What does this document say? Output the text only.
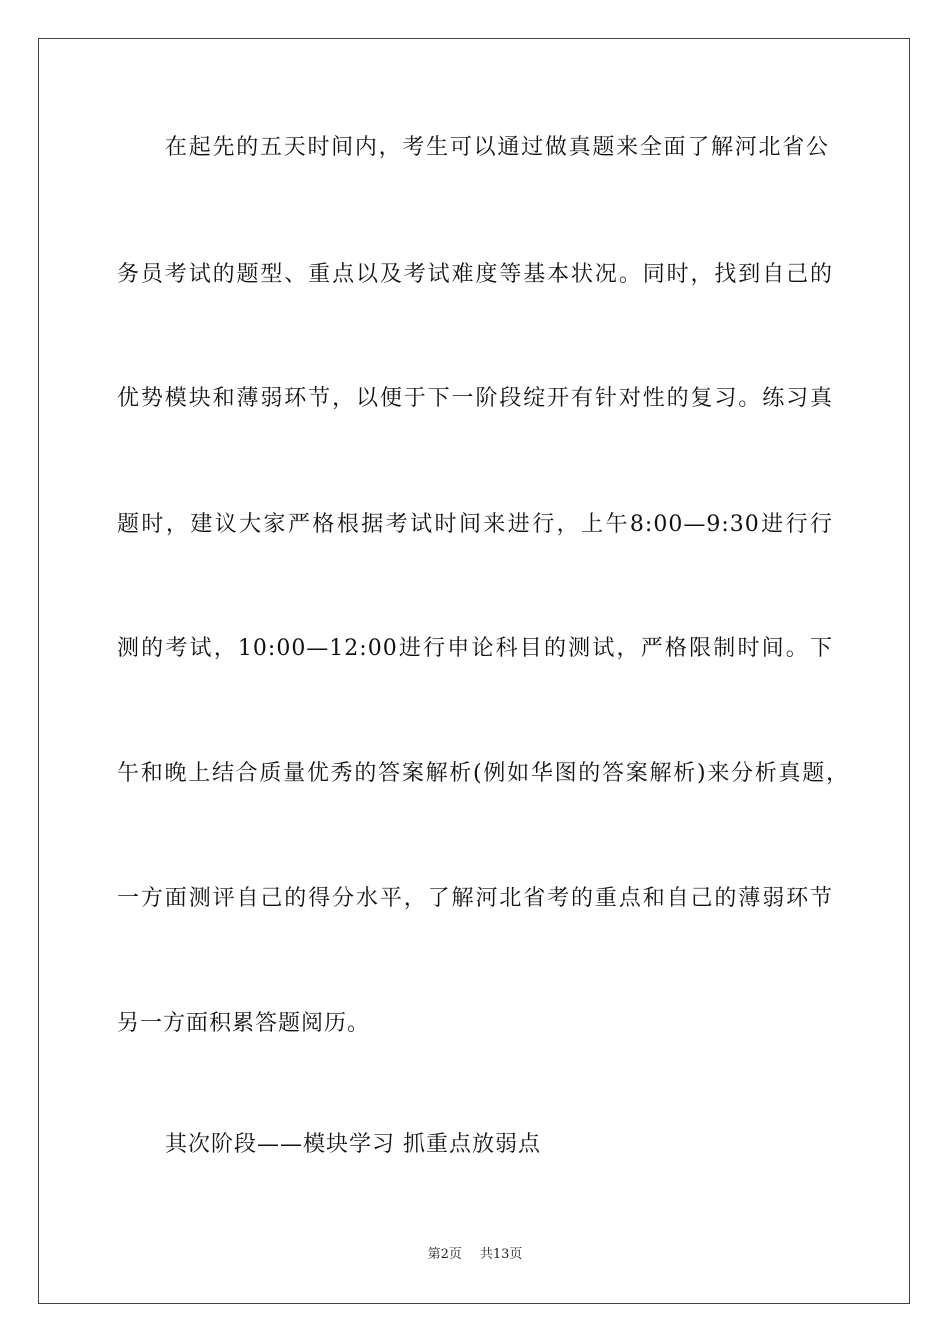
在起先的五天时间内，考生可以通过做真题来全面了解河北省公
务员考试的题型、重点以及考试难度等基本状况。同时，找到自己的
优势模块和薄弱环节，以便于下一阶段绽开有针对性的复习。练习真
题时，建议大家严格根据考试时间来进行，上午8:00—9:30进行行
测的考试，10:00—12:00进行申论科目的测试，严格限制时间。下
午和晚上结合质量优秀的答案解析(例如华图的答案解析)来分析真题，
一方面测评自己的得分水平，了解河北省考的重点和自己的薄弱环节
另一方面积累答题阅历。
其次阶段——模块学习 抓重点放弱点
第2页 共13页
